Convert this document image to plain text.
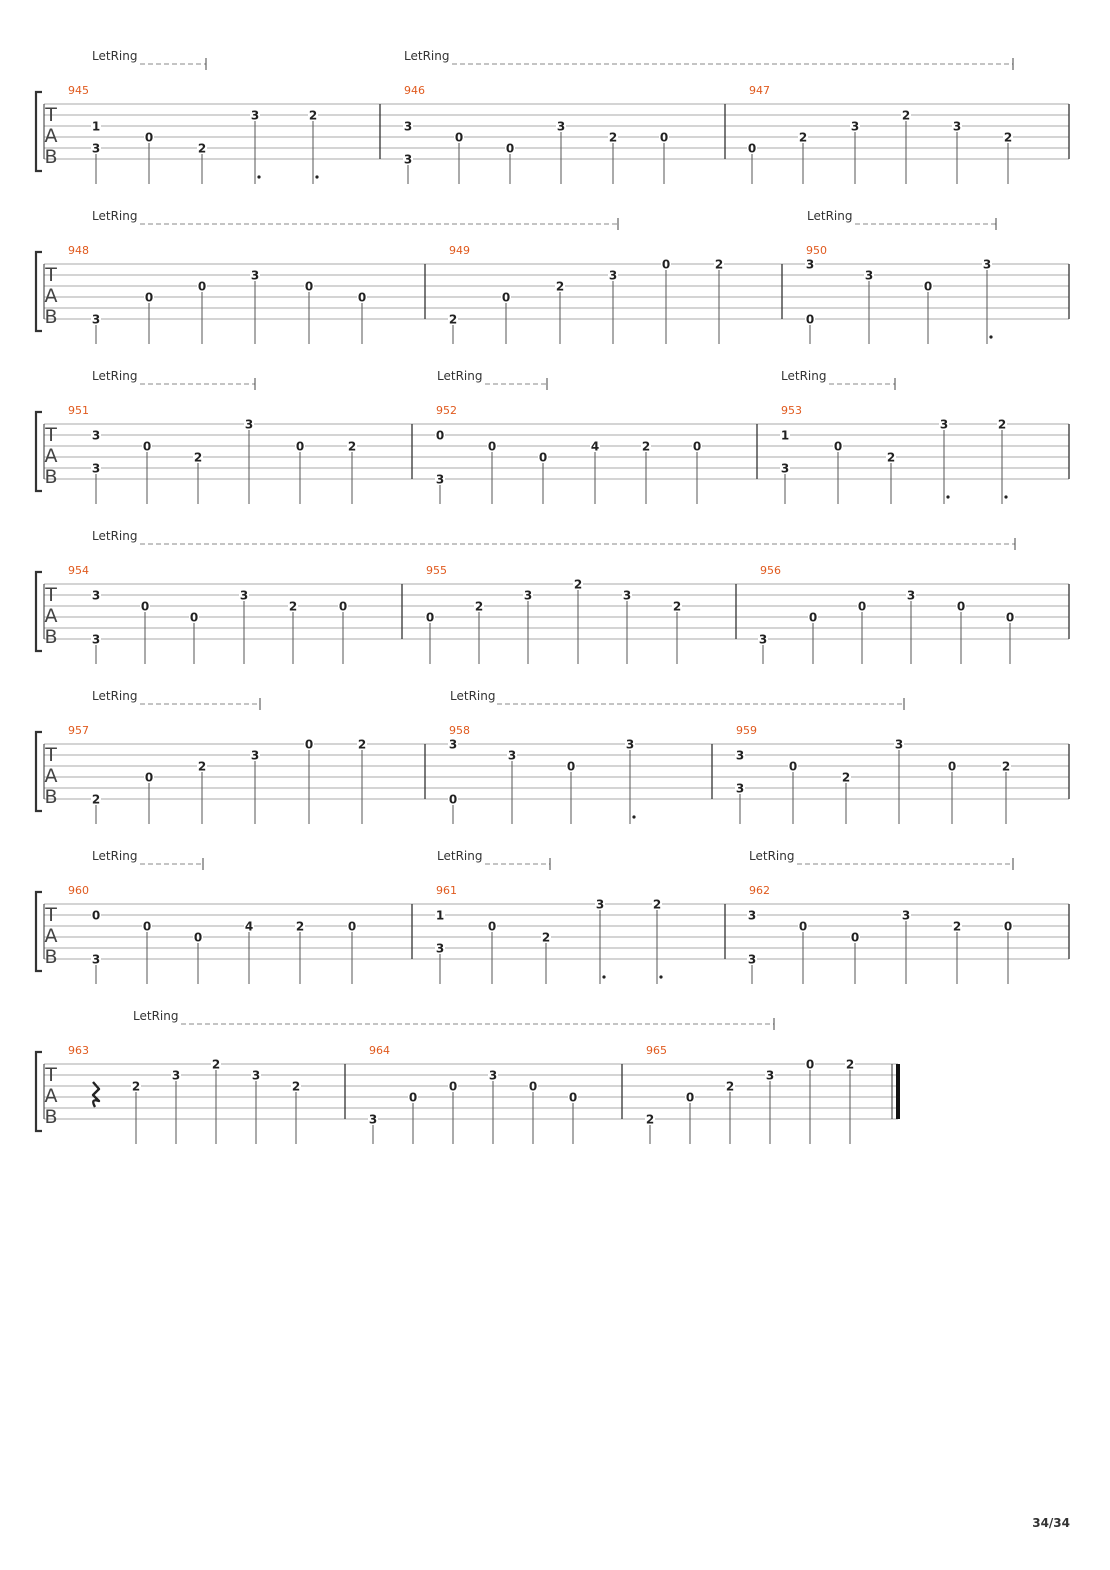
T
A
B
LetRing	LetRing
945
1
3
0
2
3	2
946
3
3
0
0
3
2	0
947
0
2
3
2
3
2
T
A
B
LetRing	LetRing
948
3
0
0
3
0
0
949
2
0
2
3
0	2
950
3
0
3
0
3
T
A
B
LetRing	LetRing	LetRing
951
3
3
0
2
3
0	2
952
0
3
0
0
4	2	0
953
1
3
0
2
3	2
T
A
B
LetRing
954
3
3
0
0
3
2	0
955
0
2
3
2
3
2
956
3
0
0
3
0
0
T
A
B
LetRing	LetRing
957
2
0
2
3
0	2
958
3
0
3
0
3
959
3
3
0
2
3
0	2
T
A
B
LetRing	LetRing	LetRing
960
0
3
0
0
4	2	0
961
1
3
0
2
3	2
962
3
3
0
0
3
2	0
T
A
B
LetRing
963
2
3
2
3
2
964
3
0
0
3
0
0
965
2
0
2
3
0	2
34/34
